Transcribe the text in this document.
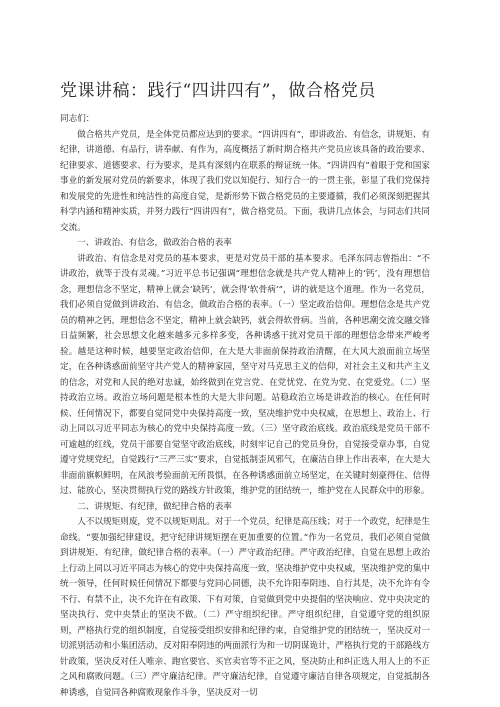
党课讲稿：践行“四讲四有”，做合格党员

同志们：

做合格共产党员，是全体党员都应达到的要求。“四讲四有”，即讲政治、有信念，讲规矩、有纪律，讲道德、有品行，讲奉献、有作为，高度概括了新时期合格共产党员应该具备的政治要求、纪律要求、道德要求、行为要求，是具有深刻内在联系的辩证统一体。“四讲四有”着眼于党和国家事业的新发展对党员的新要求，体现了我们党以知促行、知行合一的一贯主张，彰显了我们党保持和发展党的先进性和纯洁性的高度自觉，是新形势下做合格党员的主要遵循，我们必须深刻把握其科学内涵和精神实质，并努力践行“四讲四有”，做合格党员。下面，我讲几点体会，与同志们共同交流。

一、讲政治、有信念，做政治合格的表率

讲政治、有信念是对党员的基本要求，更是对党员干部的基本要求。毛泽东同志曾指出：“不讲政治，就等于没有灵魂。”习近平总书记强调“理想信念就是共产党人精神上的‘钙’，没有理想信念，理想信念不坚定，精神上就会‘缺钙’，就会得‘软骨病’”，讲的就是这个道理。作为一名党员，我们必须自觉做到讲政治、有信念，做政治合格的表率。（一）坚定政治信仰。理想信念是共产党员的精神之钙，理想信念不坚定，精神上就会缺钙，就会得软骨病。当前，各种思潮交流交融交锋日益频繁，社会思想文化越来越多元多样多变，各种诱惑干扰对党员干部的理想信念带来严峻考验。越是这种时候，越要坚定政治信仰，在大是大非面前保持政治清醒，在大风大浪面前立场坚定，在各种诱惑面前坚守共产党人的精神家园，坚守对马克思主义的信仰，对社会主义和共产主义的信念，对党和人民的绝对忠诚，始终做到在党言党、在党忧党、在党为党、在党爱党。（二）坚持政治立场。政治立场问题是根本性的大是大非问题。站稳政治立场是讲政治的核心。在任何时候、任何情况下，都要自觉同党中央保持高度一致，坚决维护党中央权威，在思想上、政治上、行动上同以习近平同志为核心的党中央保持高度一致。（三）坚守政治底线。政治底线是党员干部不可逾越的红线，党员干部要自觉坚守政治底线，时刻牢记自己的党员身份，自觉接受章办事，自觉遵守党规党纪，自觉践行“三严三实”要求，自觉抵制歪风邪气，在廉洁自律上作出表率，在大是大非面前旗帜鲜明，在风浪考验面前无所畏惧，在各种诱惑面前立场坚定，在关键时刻豪得住、信得过、能放心，坚决贯彻执行党的路线方针政策，维护党的团结统一，维护党在人民群众中的形象。

二、讲规矩、有纪律，做纪律合格的表率

人不以规矩则废，党不以规矩则乱。对于一个党员，纪律是高压线；对于一个政党，纪律是生命线。“要加强纪律建设，把守纪律讲规矩摆在更加重要的位置。”作为一名党员，我们必须自觉做到讲规矩、有纪律，做纪律合格的表率。（一）严守政治纪律。严守政治纪律，自觉在思想上政治上行动上同以习近平同志为核心的党中央保持高度一致，坚决维护党中央权威，坚决维护党的集中统一领导，任何时候任何情况下都要与党同心同德，决不允许阳奉阴违、自行其是，决不允许有令不行、有禁不止，决不允许在有政策、下有对策，自觉做到党中央提倡的坚决响应、党中央决定的坚决执行、党中央禁止的坚决不做。（二）严守组织纪律。严守组织纪律，自觉遵守党的组织原则，严格执行党的组织制度，自觉接受组织安排和纪律约束，自觉维护党的团结统一，坚决反对一切派别活动和小集团活动，反对阳奉阴违的两面派行为和一切阴谋诡计，严格执行党的干部路线方针政策，坚决反对任人唯亲、跑官要官、买官卖官等不正之风，坚决防止和纠正选人用人上的不正之风和腐败问题。（三）严守廉洁纪律。严守廉洁纪律，自觉遵守廉洁自律各项规定，自觉抵制各种诱惑，自觉同各种腐败现象作斗争，坚决反对一切
